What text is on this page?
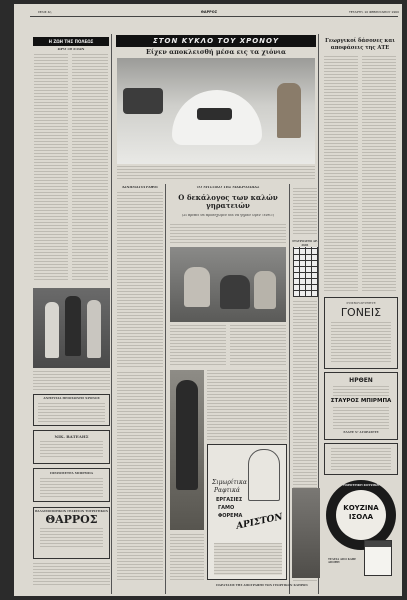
ΣΕΛΙΣ 4η	ΘΑΡΡΟΣ	ΤΕΤΑΡΤΗ, 10 ΦΕΒΡΟΥΑΡΙΟΥ 1960
Η ΖΩΗ ΤΗΣ ΠΟΛΕΩΣ
ΠΡΟ 50 ΕΤΩΝ
ΑΝΗΣΥΧΙΑ ΘΕΙΟΧΩΝΗΣ ΧΡΟΝΟΣ
ΝΙΚ. ΒΑΤΕΛΗΣ
ΠΙΕΖΟΜΕΤΡΑ ΜΠΙΡΜΠΑ
ΘΑΛΑΣΣΟΠΟΡΙΚΟΝ ΓΡΑΦΕΙΟΝ ΤΟΥΡΙΣΤΙΚΟΝ
ΘΑΡΡΟΣ
ΣΤΟΝ ΚΥΚΛΟ ΤΟΥ ΧΡΟΝΟΥ
Είχεν αποκλεισθή μέσα εις τα χιόνια
Γεωργικοί δάσονες και αποφάσεις της ΑΤΕ
ΚΙΝΗΜΑΤΟΓΡΑΦΟΙ	ΤΟ ΜΥΣΤΙΚΟ ΤΗΣ ΜΑΚΡΟΖΩΙΑΣ
Ο δεκάλογος των καλών γηρατειών
(Σί πρέπει να προσέχωμεν διά να γηράσ ωμεν «ενεί»)
ΣΤΑΥΡΟΛΕΞΟ ΑΡ. 2681
ΣΥΜΒΟΥΛΕΥΘΗΤΕ
ΓΟΝΕΙΣ
ΗΡΘΕΝ
ΣΤΑΥΡΟΣ ΜΠΙΡΜΠΑ
ΕΛΑΤΕ Ν' ΑΓΟΡΑΣΕΤΕ
ΗΛΕΚΤΡΙΚΗ ΚΟΥΖΙΝΑ
ΚΟΥΖΙΝΑ
ΙΣΟΛΑ
ΤΕΛΕΙΑ ΑΠΟ ΚΑΘΕ ΑΠΟΨΗ
Σιμωρίτικα
Ραφτικά
ΕΡΓΑΣΙΕΣ
ΓΑΜΟ
ΦΟΡΕΜΑ
ΑΡΙΣΤΟΝ
ΠΑΡΑΤΑΣΙΣ ΤΗΣ ΑΠΟΓΡΑΦΗΣ ΤΩΝ ΓΕΩΡΓΙΚΩΝ ΚΛΗΡΩΝ
